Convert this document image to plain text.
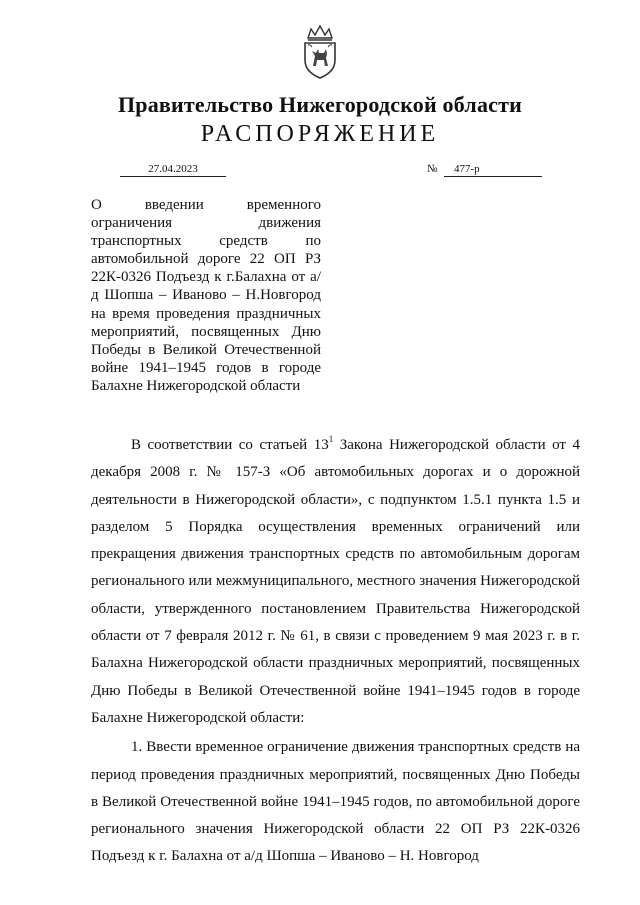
Правительство Нижегородской области
РАСПОРЯЖЕНИЕ
27.04.2023	№	477-р
О введении временного ограничения движения транспортных средств по автомобильной дороге 22 ОП РЗ 22К-0326 Подъезд к г.Балахна от а/д Шопша – Иваново – Н.Новгород на время проведения праздничных мероприятий, посвященных Дню Победы в Великой Отечественной войне 1941–1945 годов в городе Балахне Нижегородской области

В соответствии со статьей $13^1$ Закона Нижегородской области от 4 декабря 2008 г. № 157-З «Об автомобильных дорогах и о дорожной деятельности в Нижегородской области», с подпунктом 1.5.1 пункта 1.5 и разделом 5 Порядка осуществления временных ограничений или прекращения движения транспортных средств по автомобильным дорогам регионального или межмуниципального, местного значения Нижегородской области, утвержденного постановлением Правительства Нижегородской области от 7 февраля 2012 г. № 61, в связи с проведением 9 мая 2023 г. в г. Балахна Нижегородской области праздничных мероприятий, посвященных Дню Победы в Великой Отечественной войне 1941–1945 годов в городе Балахне Нижегородской области:

1. Ввести временное ограничение движения транспортных средств на период проведения праздничных мероприятий, посвященных Дню Победы в Великой Отечественной войне 1941–1945 годов, по автомобильной дороге регионального значения Нижегородской области 22 ОП РЗ 22К-0326 Подъезд к г. Балахна от а/д Шопша – Иваново – Н. Новгород
